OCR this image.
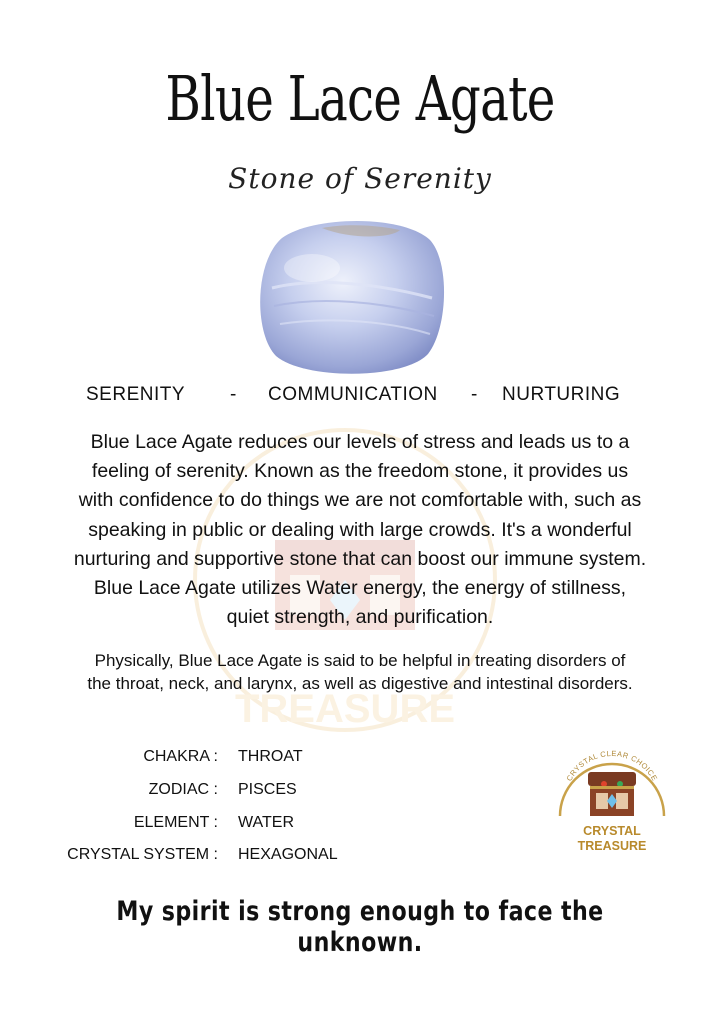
Blue Lace Agate
Stone of Serenity
SERENITY - COMMUNICATION - NURTURING
TREASURE
Blue Lace Agate reduces our levels of stress and leads us to a
feeling of serenity. Known as the freedom stone, it provides us
with confidence to do things we are not comfortable with, such as
speaking in public or dealing with large crowds. It's a wonderful
nurturing and supportive stone that can boost our immune system.
Blue Lace Agate utilizes Water energy, the energy of stillness,
quiet strength, and purification.
Physically, Blue Lace Agate is said to be helpful in treating disorders of
the throat, neck, and larynx, as well as digestive and intestinal disorders.
CHAKRA : THROAT
ZODIAC : PISCES
ELEMENT : WATER
CRYSTAL SYSTEM : HEXAGONAL
CRYSTAL CLEAR CHOICE
CRYSTAL
TREASURE
My spirit is strong enough to face the unknown.
